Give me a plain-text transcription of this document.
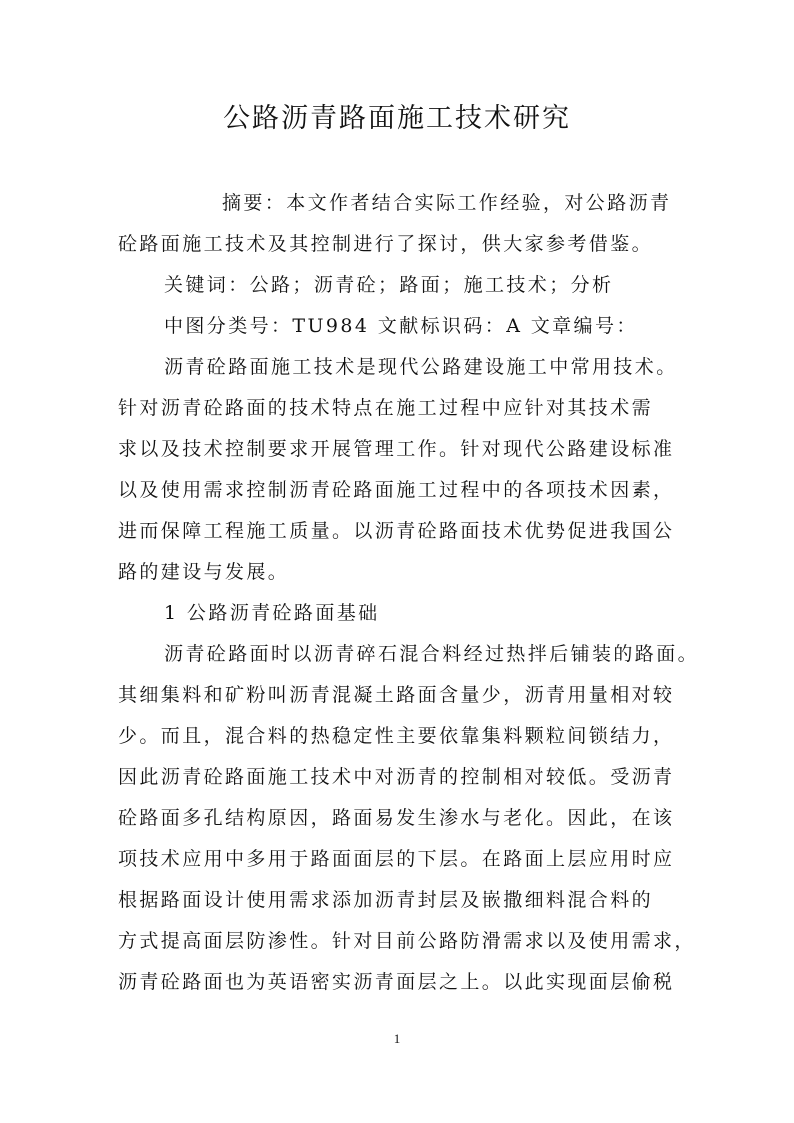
公路沥青路面施工技术研究
摘要：本文作者结合实际工作经验，对公路沥青
砼路面施工技术及其控制进行了探讨，供大家参考借鉴。
关键词：公路；沥青砼；路面；施工技术；分析
中图分类号：TU984 文献标识码：A 文章编号：
沥青砼路面施工技术是现代公路建设施工中常用技术。
针对沥青砼路面的技术特点在施工过程中应针对其技术需
求以及技术控制要求开展管理工作。针对现代公路建设标准
以及使用需求控制沥青砼路面施工过程中的各项技术因素，
进而保障工程施工质量。以沥青砼路面技术优势促进我国公
路的建设与发展。
1 公路沥青砼路面基础
沥青砼路面时以沥青碎石混合料经过热拌后铺装的路面。
其细集料和矿粉叫沥青混凝土路面含量少，沥青用量相对较
少。而且，混合料的热稳定性主要依靠集料颗粒间锁结力，
因此沥青砼路面施工技术中对沥青的控制相对较低。受沥青
砼路面多孔结构原因，路面易发生渗水与老化。因此，在该
项技术应用中多用于路面面层的下层。在路面上层应用时应
根据路面设计使用需求添加沥青封层及嵌撒细料混合料的
方式提高面层防渗性。针对目前公路防滑需求以及使用需求，
沥青砼路面也为英语密实沥青面层之上。以此实现面层偷税
1
